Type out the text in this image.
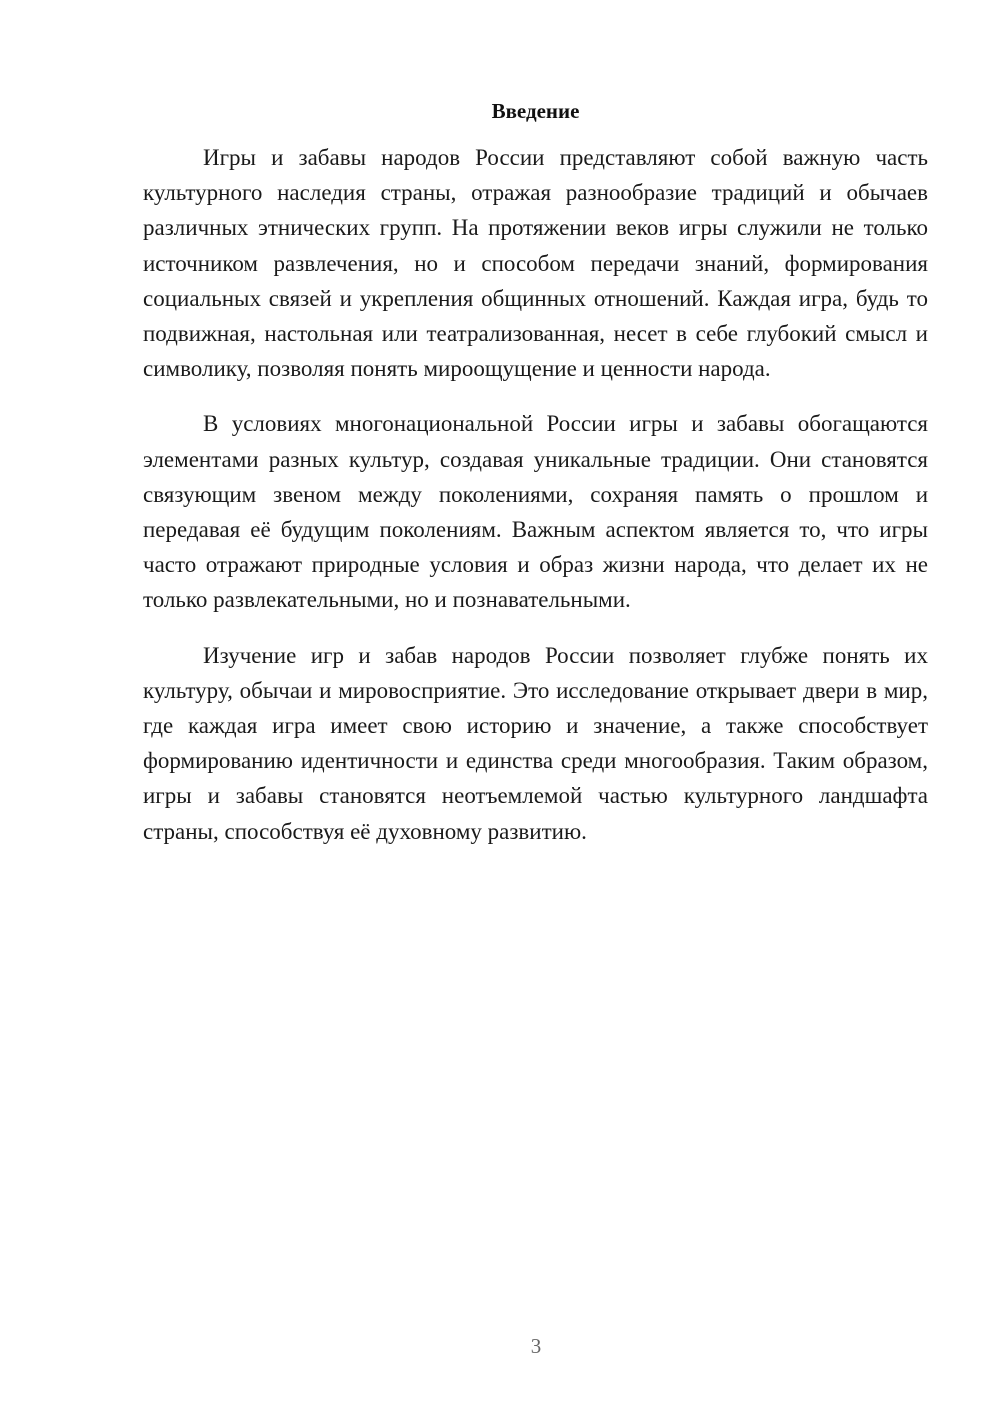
Введение

Игры и забавы народов России представляют собой важную часть культурного наследия страны, отражая разнообразие традиций и обычаев различных этнических групп. На протяжении веков игры служили не только источником развлечения, но и способом передачи знаний, формирования социальных связей и укрепления общинных отношений. Каждая игра, будь то подвижная, настольная или театрализованная, несет в себе глубокий смысл и символику, позволяя понять мироощущение и ценности народа.

В условиях многонациональной России игры и забавы обогащаются элементами разных культур, создавая уникальные традиции. Они становятся связующим звеном между поколениями, сохраняя память о прошлом и передавая её будущим поколениям. Важным аспектом является то, что игры часто отражают природные условия и образ жизни народа, что делает их не только развлекательными, но и познавательными.

Изучение игр и забав народов России позволяет глубже понять их культуру, обычаи и мировосприятие. Это исследование открывает двери в мир, где каждая игра имеет свою историю и значение, а также способствует формированию идентичности и единства среди многообразия. Таким образом, игры и забавы становятся неотъемлемой частью культурного ландшафта страны, способствуя её духовному развитию.

3
